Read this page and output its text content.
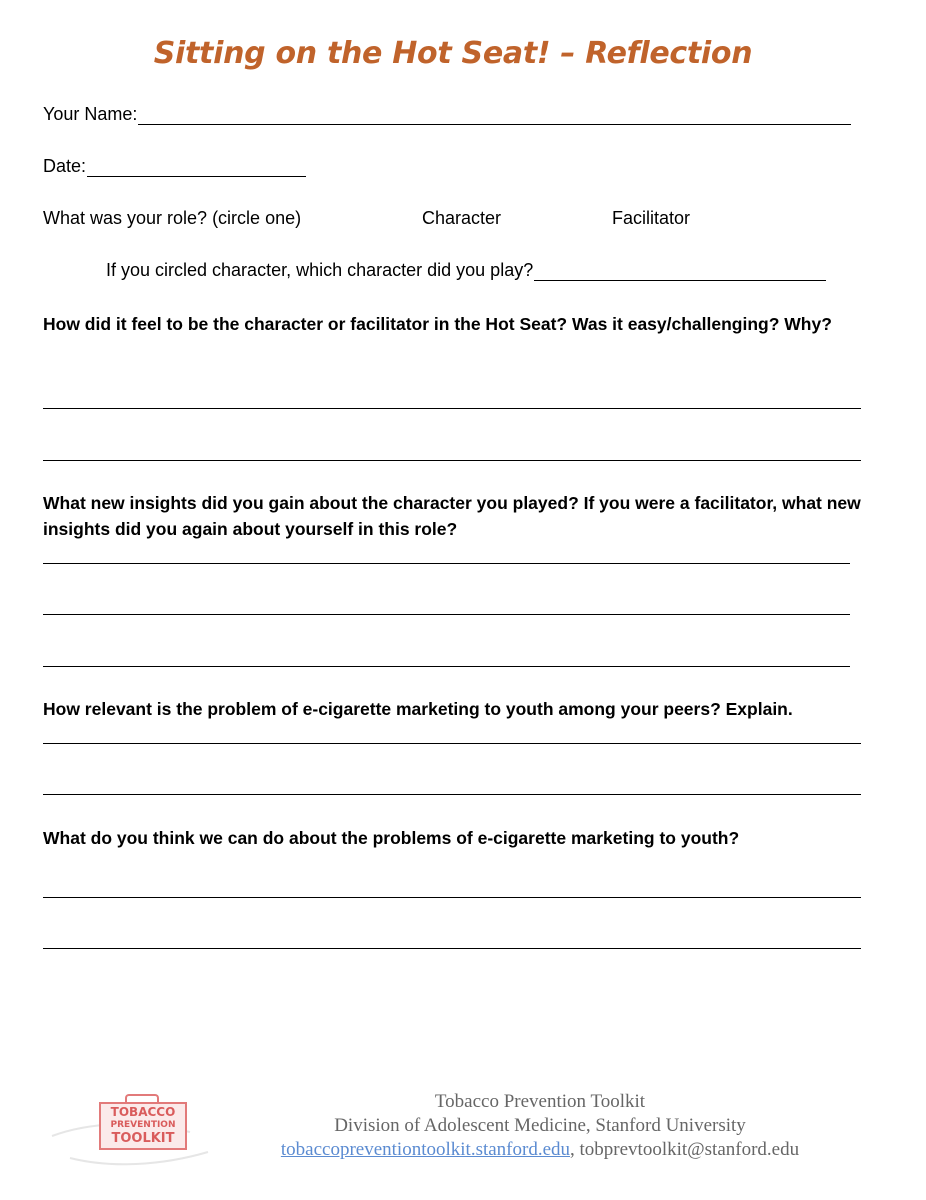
Sitting on the Hot Seat! – Reflection
Your Name:
Date:
What was your role? (circle one)	Character	Facilitator
If you circled character, which character did you play?
How did it feel to be the character or facilitator in the Hot Seat? Was it easy/challenging? Why?
What new insights did you gain about the character you played? If you were a facilitator, what new insights did you again about yourself in this role?
How relevant is the problem of e-cigarette marketing to youth among your peers? Explain.
What do you think we can do about the problems of e-cigarette marketing to youth?
TOBACCO
PREVENTION
TOOLKIT
Tobacco Prevention Toolkit
Division of Adolescent Medicine, Stanford University
tobaccopreventiontoolkit.stanford.edu, tobprevtoolkit@stanford.edu
